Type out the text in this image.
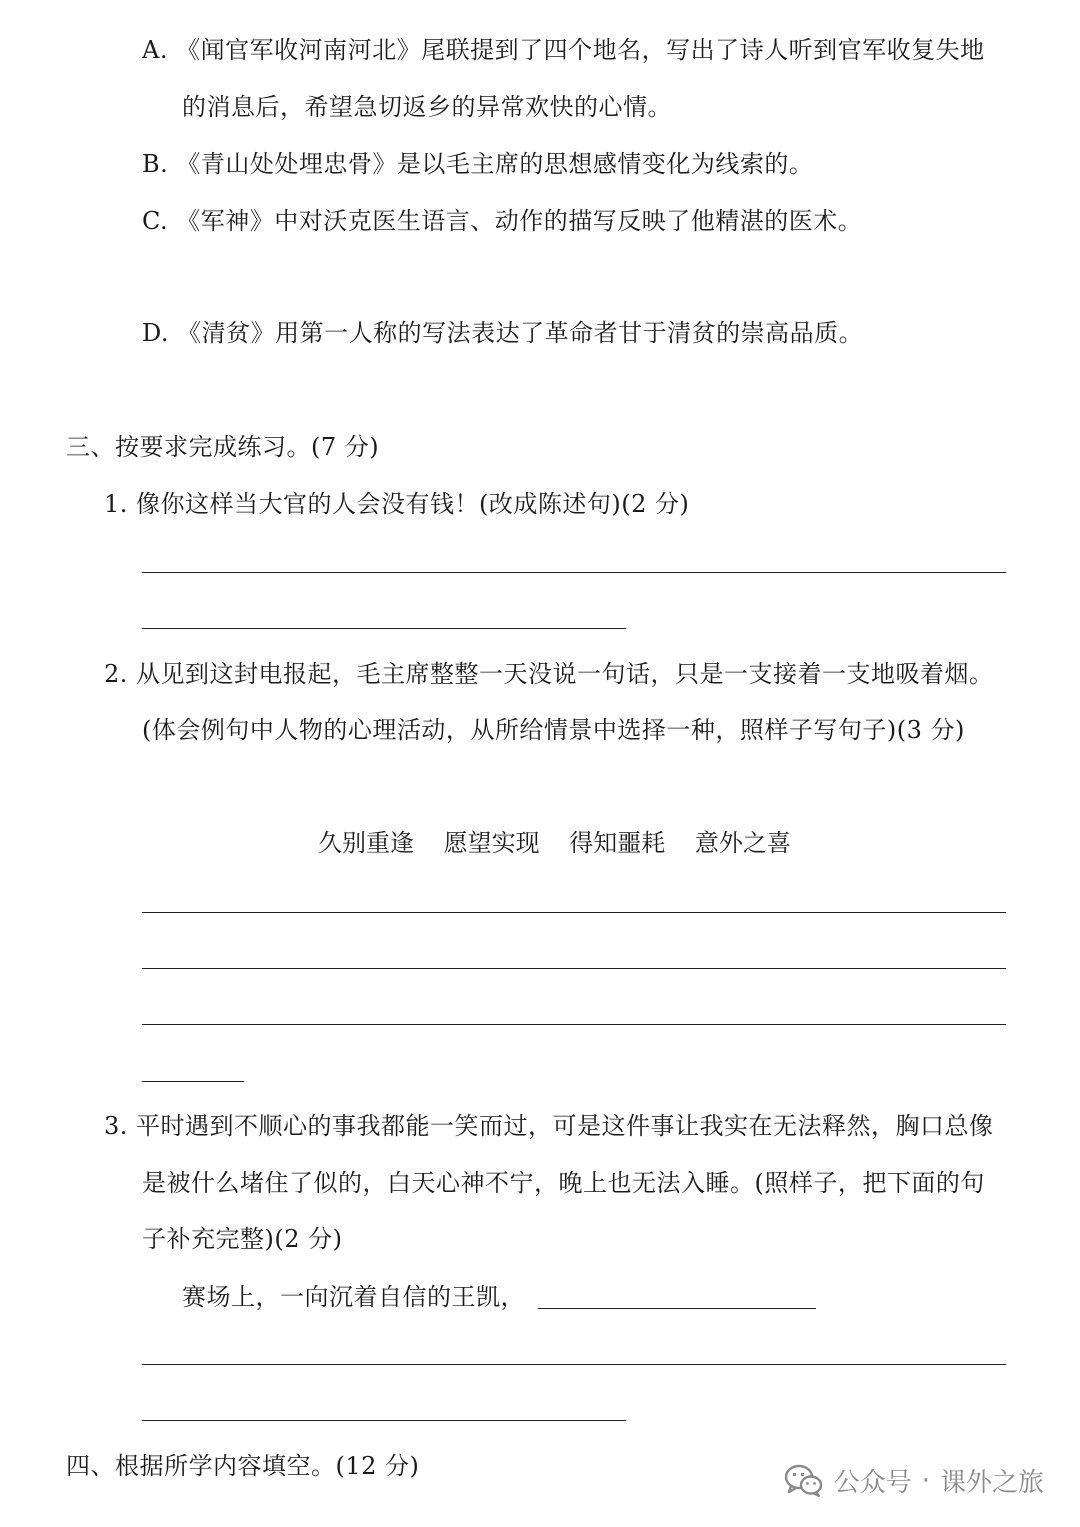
A. 《闻官军收河南河北》尾联提到了四个地名，写出了诗人听到官军收复失地
的消息后，希望急切返乡的异常欢快的心情。
B. 《青山处处埋忠骨》是以毛主席的思想感情变化为线索的。
C. 《军神》中对沃克医生语言、动作的描写反映了他精湛的医术。
D. 《清贫》用第一人称的写法表达了革命者甘于清贫的崇高品质。
三、按要求完成练习。(7 分)
1. 像你这样当大官的人会没有钱！(改成陈述句)(2 分)
2. 从见到这封电报起，毛主席整整一天没说一句话，只是一支接着一支地吸着烟。
(体会例句中人物的心理活动，从所给情景中选择一种，照样子写句子)(3 分)
久别重逢 愿望实现 得知噩耗 意外之喜
3. 平时遇到不顺心的事我都能一笑而过，可是这件事让我实在无法释然，胸口总像
是被什么堵住了似的，白天心神不宁，晚上也无法入睡。(照样子，把下面的句
子补充完整)(2 分)
赛场上，一向沉着自信的王凯，
四、根据所学内容填空。(12 分)
公众号 · 课外之旅
